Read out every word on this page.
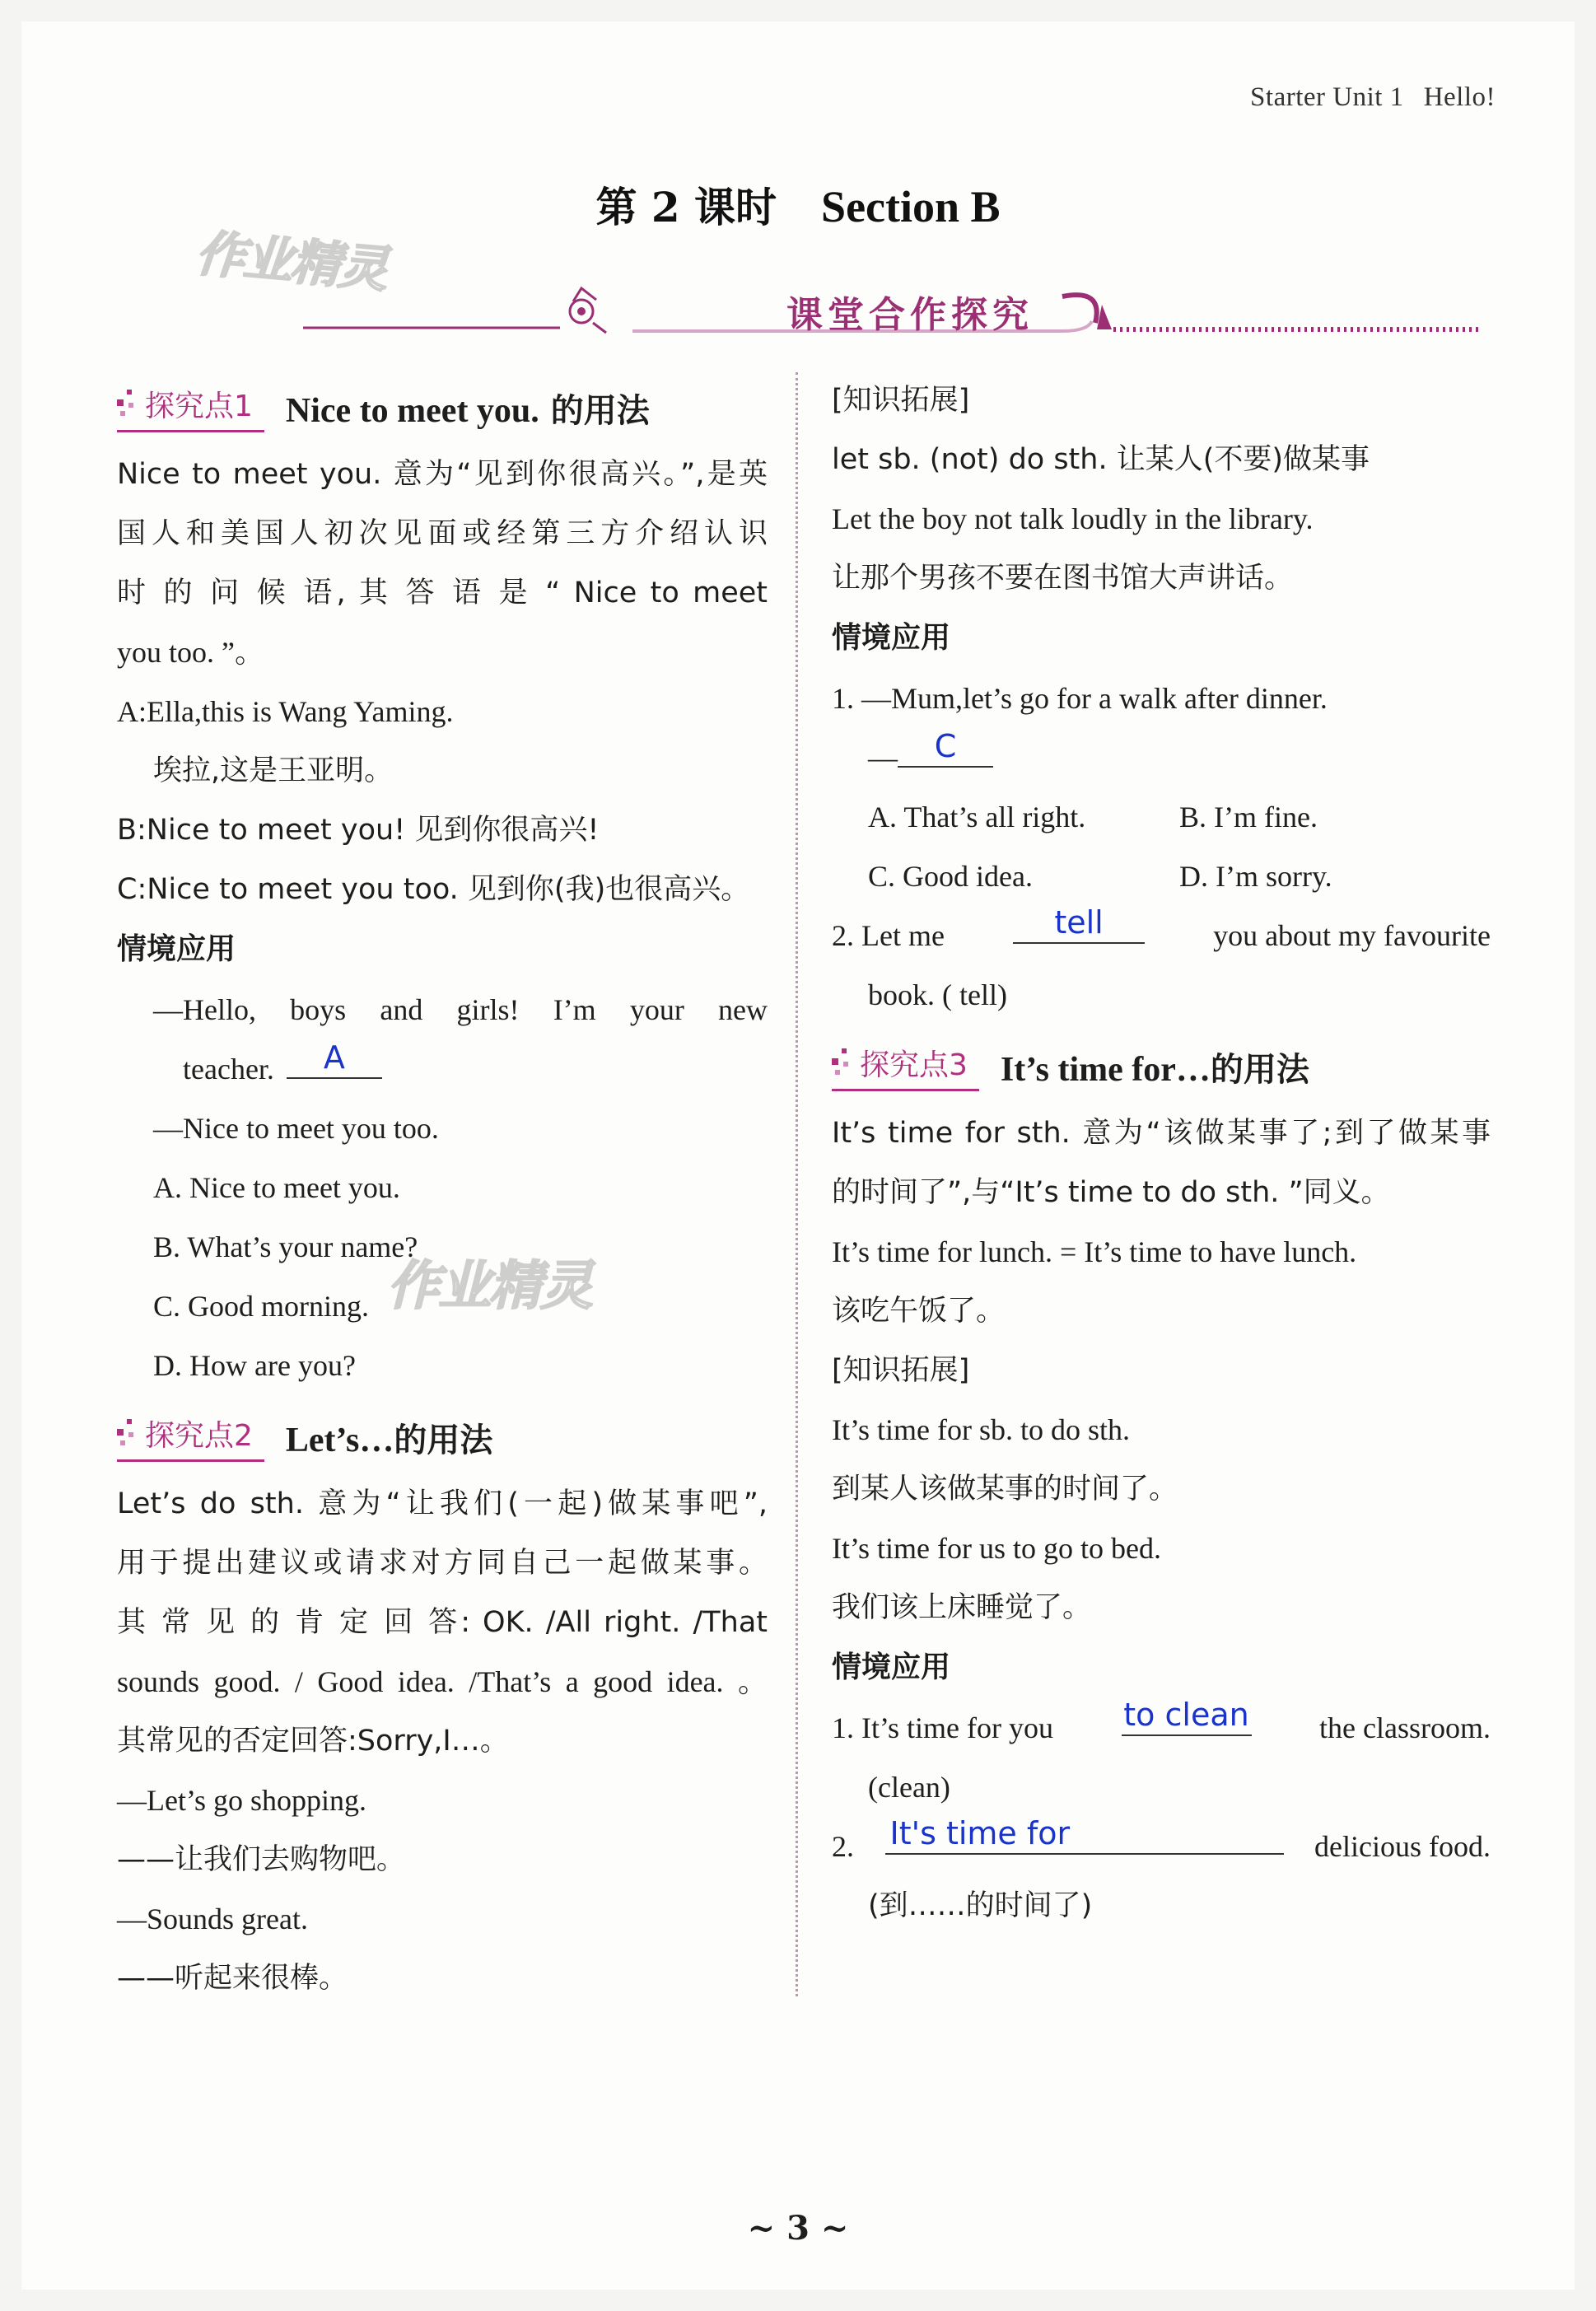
Starter Unit 1 Hello!
第 2 课时 Section B
作业精灵
课堂合作探究
探究点1 Nice to meet you. 的用法
Nice to meet you. 意为“见到你很高兴。”,是英
国人和美国人初次见面或经第三方介绍认识
时 的 问 候 语, 其 答 语 是 “ Nice to meet
you too. ”。
A:Ella,this is Wang Yaming.
埃拉,这是王亚明。
B:Nice to meet you! 见到你很高兴!
C:Nice to meet you too. 见到你(我)也很高兴。
情境应用
—Hello, boys and girls! I’m your new
teacher.	A
—Nice to meet you too.
A. Nice to meet you.
B. What’s your name?
C. Good morning.
D. How are you?
探究点2 Let’s…的用法
Let’s do sth. 意为“让我们(一起)做某事吧”,
用于提出建议或请求对方同自己一起做某事。
其 常 见 的 肯 定 回 答: OK. /All right. /That
sounds good. / Good idea. /That’s a good idea. 。
其常见的否定回答:Sorry,I…。
—Let’s go shopping.
——让我们去购物吧。
—Sounds great.
——听起来很棒。
作业精灵
[知识拓展]
let sb. (not) do sth. 让某人(不要)做某事
Let the boy not talk loudly in the library.
让那个男孩不要在图书馆大声讲话。
情境应用
1. —Mum,let’s go for a walk after dinner.
—	C
A. That’s all right.	B. I’m fine.
C. Good idea.	D. I’m sorry.
2. Let me	tell	you about my favourite
book. ( tell)
探究点3 It’s time for…的用法
It’s time for sth. 意为“该做某事了;到了做某事
的时间了”,与“It’s time to do sth. ”同义。
It’s time for lunch. = It’s time to have lunch.
该吃午饭了。
[知识拓展]
It’s time for sb. to do sth.
到某人该做某事的时间了。
It’s time for us to go to bed.
我们该上床睡觉了。
情境应用
1. It’s time for you to clean the classroom.
(clean)
2. It's time for	delicious food.
(到……的时间了)
~ 3 ~
